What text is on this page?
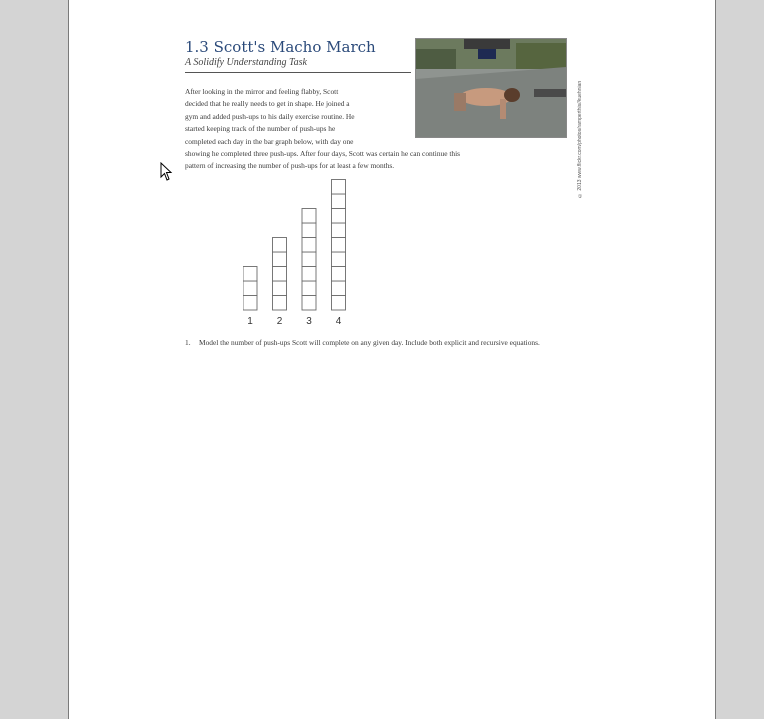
1.3 Scott's Macho March
A Solidify Understanding Task
© 2013 www.flickr.com/photos/ramperthis//kuehnian

After looking in the mirror and feeling flabby, Scott
decided that he really needs to get in shape. He joined a
gym and added push-ups to his daily exercise routine. He
started keeping track of the number of push-ups he
completed each day in the bar graph below, with day one

showing he completed three push-ups. After four days, Scott was certain he can continue this
pattern of increasing the number of push-ups for at least a few months.

1 2 3 4
1. Model the number of push-ups Scott will complete on any given day. Include both explicit and recursive equations.
